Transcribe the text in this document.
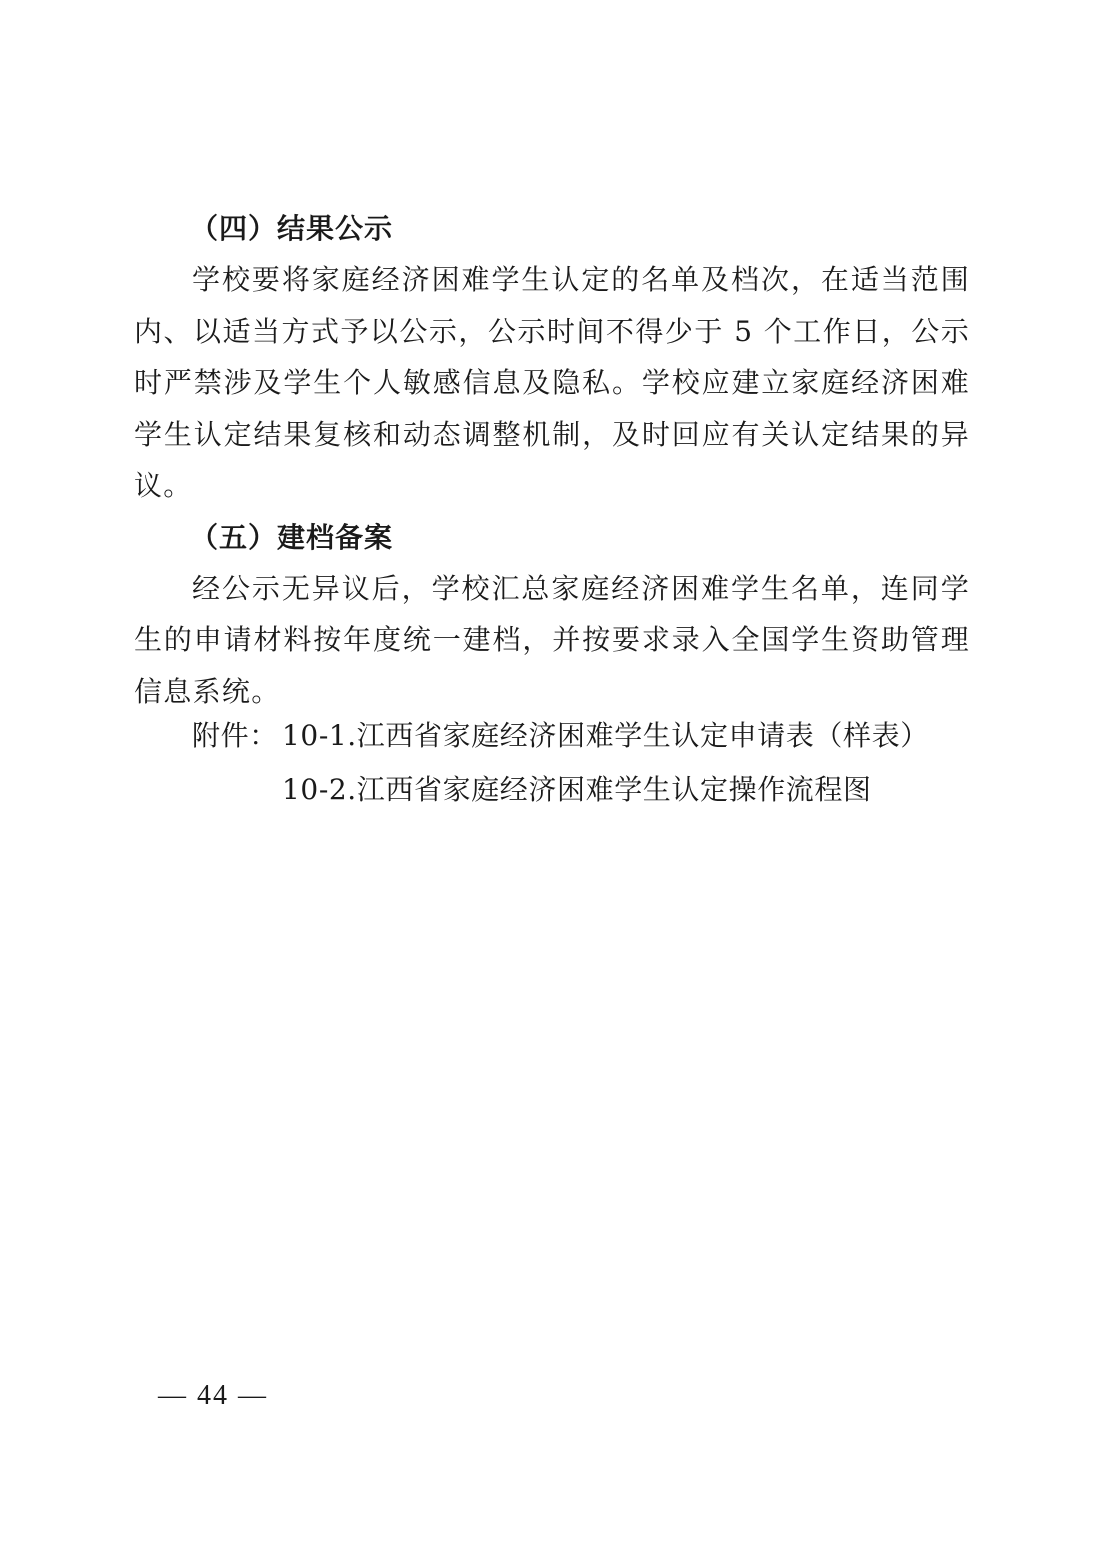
（四）结果公示

学校要将家庭经济困难学生认定的名单及档次，在适当范围内、以适当方式予以公示，公示时间不得少于 5 个工作日，公示时严禁涉及学生个人敏感信息及隐私。学校应建立家庭经济困难学生认定结果复核和动态调整机制，及时回应有关认定结果的异议。

（五）建档备案

经公示无异议后，学校汇总家庭经济困难学生名单，连同学生的申请材料按年度统一建档，并按要求录入全国学生资助管理信息系统。

附件： 10-1.江西省家庭经济困难学生认定申请表（样表）
10-2.江西省家庭经济困难学生认定操作流程图
— 44 —
